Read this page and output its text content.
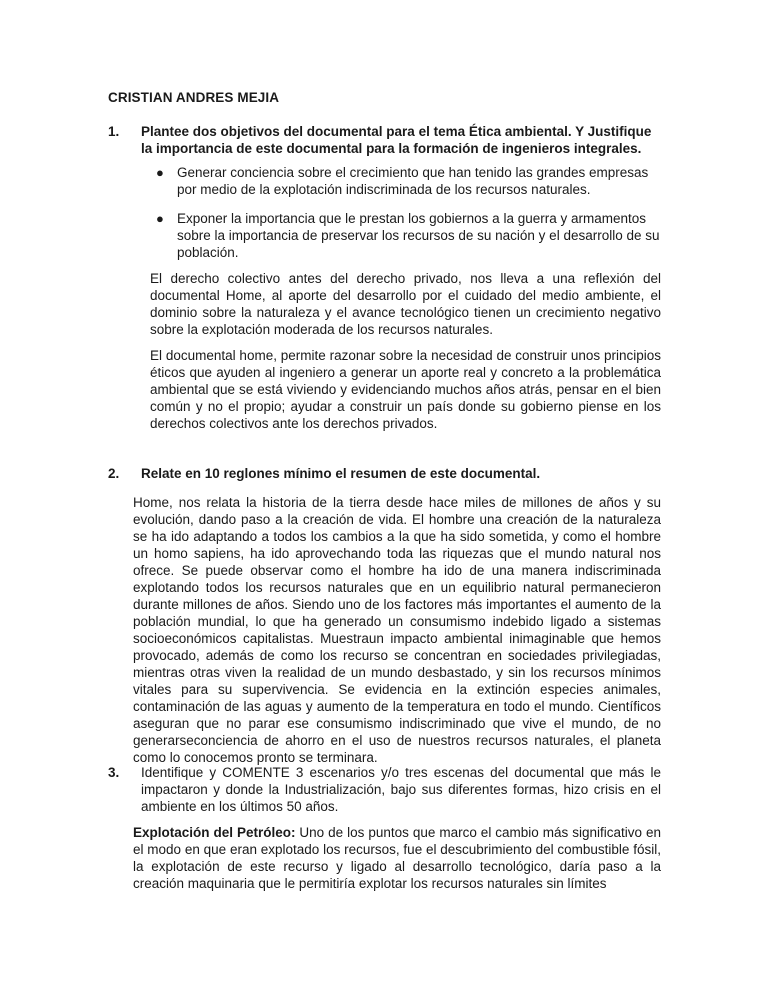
CRISTIAN ANDRES MEJIA
1. Plantee dos objetivos del documental para el tema Ética ambiental. Y Justifique la importancia de este documental para la formación de ingenieros integrales.
● Generar conciencia sobre el crecimiento que han tenido las grandes empresas por medio de la explotación indiscriminada de los recursos naturales.
● Exponer la importancia que le prestan los gobiernos a la guerra y armamentos sobre la importancia de preservar los recursos de su nación y el desarrollo de su población.
El derecho colectivo antes del derecho privado, nos lleva a una reflexión del documental Home, al aporte del desarrollo por el cuidado del medio ambiente, el dominio sobre la naturaleza y el avance tecnológico tienen un crecimiento negativo sobre la explotación moderada de los recursos naturales.
El documental home, permite razonar sobre la necesidad de construir unos principios éticos que ayuden al ingeniero a generar un aporte real y concreto a la problemática ambiental que se está viviendo y evidenciando muchos años atrás, pensar en el bien común y no el propio; ayudar a construir un país donde su gobierno piense en los derechos colectivos ante los derechos privados.
2. Relate en 10 reglones mínimo el resumen de este documental.
Home, nos relata la historia de la tierra desde hace miles de millones de años y su evolución, dando paso a la creación de vida. El hombre una creación de la naturaleza se ha ido adaptando a todos los cambios a la que ha sido sometida, y como el hombre un homo sapiens, ha ido aprovechando toda las riquezas que el mundo natural nos ofrece. Se puede observar como el hombre ha ido de una manera indiscriminada explotando todos los recursos naturales que en un equilibrio natural permanecieron durante millones de años. Siendo uno de los factores más importantes el aumento de la población mundial, lo que ha generado un consumismo indebido ligado a sistemas socioeconómicos capitalistas. Muestraun impacto ambiental inimaginable que hemos provocado, además de como los recurso se concentran en sociedades privilegiadas, mientras otras viven la realidad de un mundo desbastado, y sin los recursos mínimos vitales para su supervivencia. Se evidencia en la extinción especies animales, contaminación de las aguas y aumento de la temperatura en todo el mundo. Científicos aseguran que no parar ese consumismo indiscriminado que vive el mundo, de no generarseconciencia de ahorro en el uso de nuestros recursos naturales, el planeta como lo conocemos pronto se terminara.
3. Identifique y COMENTE 3 escenarios y/o tres escenas del documental que más le impactaron y donde la Industrialización, bajo sus diferentes formas, hizo crisis en el ambiente en los últimos 50 años.
Explotación del Petróleo: Uno de los puntos que marco el cambio más significativo en el modo en que eran explotado los recursos, fue el descubrimiento del combustible fósil, la explotación de este recurso y ligado al desarrollo tecnológico, daría paso a la creación maquinaria que le permitiría explotar los recursos naturales sin límites
